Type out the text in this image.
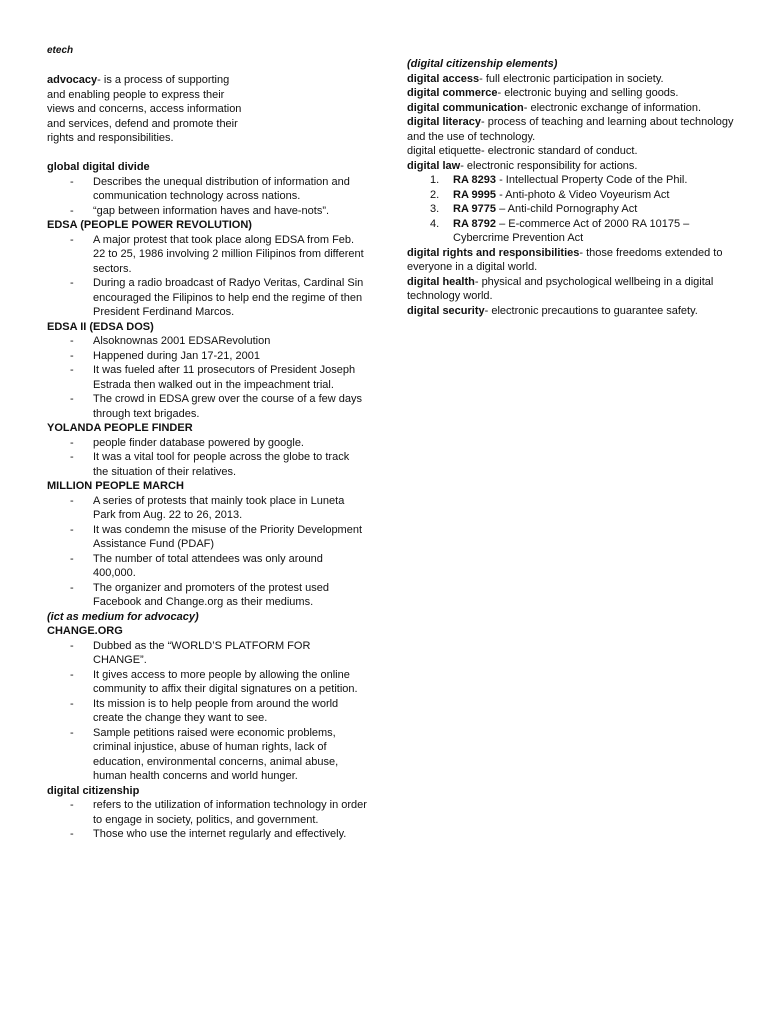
etech

advocacy- is a process of supporting and enabling people to express their views and concerns, access information and services, defend and promote their rights and responsibilities.

global digital divide

- Describes the unequal distribution of information and communication technology across nations.
- “gap between information haves and have-nots”.

EDSA (PEOPLE POWER REVOLUTION)

- A major protest that took place along EDSA from Feb. 22 to 25, 1986 involving 2 million Filipinos from different sectors.
- During a radio broadcast of Radyo Veritas, Cardinal Sin encouraged the Filipinos to help end the regime of then President Ferdinand Marcos.

EDSA II (EDSA DOS)

- Alsoknownas 2001 EDSARevolution
- Happened during Jan 17-21, 2001
- It was fueled after 11 prosecutors of President Joseph Estrada then walked out in the impeachment trial.
- The crowd in EDSA grew over the course of a few days through text brigades.

YOLANDA PEOPLE FINDER

- people finder database powered by google.
- It was a vital tool for people across the globe to track the situation of their relatives.

MILLION PEOPLE MARCH

- A series of protests that mainly took place in Luneta Park from Aug. 22 to 26, 2013.
- It was condemn the misuse of the Priority Development Assistance Fund (PDAF)
- The number of total attendees was only around 400,000.
- The organizer and promoters of the protest used Facebook and Change.org as their mediums.

(ict as medium for advocacy)

CHANGE.ORG

- Dubbed as the “WORLD’S PLATFORM FOR CHANGE”.
- It gives access to more people by allowing the online community to affix their digital signatures on a petition.
- Its mission is to help people from around the world create the change they want to see.
- Sample petitions raised were economic problems, criminal injustice, abuse of human rights, lack of education, environmental concerns, animal abuse, human health concerns and world hunger.

digital citizenship

- refers to the utilization of information technology in order to engage in society, politics, and government.
- Those who use the internet regularly and effectively.

(digital citizenship elements)

digital access- full electronic participation in society.

digital commerce- electronic buying and selling goods.

digital communication- electronic exchange of information.

digital literacy- process of teaching and learning about technology and the use of technology.

digital etiquette- electronic standard of conduct.

digital law- electronic responsibility for actions.

1. RA 8293 - Intellectual Property Code of the Phil.
2. RA 9995 - Anti-photo & Video Voyeurism Act
3. RA 9775 – Anti-child Pornography Act
4. RA 8792 – E-commerce Act of 2000 RA 10175 – Cybercrime Prevention Act

digital rights and responsibilities- those freedoms extended to everyone in a digital world.

digital health- physical and psychological wellbeing in a digital technology world.

digital security- electronic precautions to guarantee safety.
